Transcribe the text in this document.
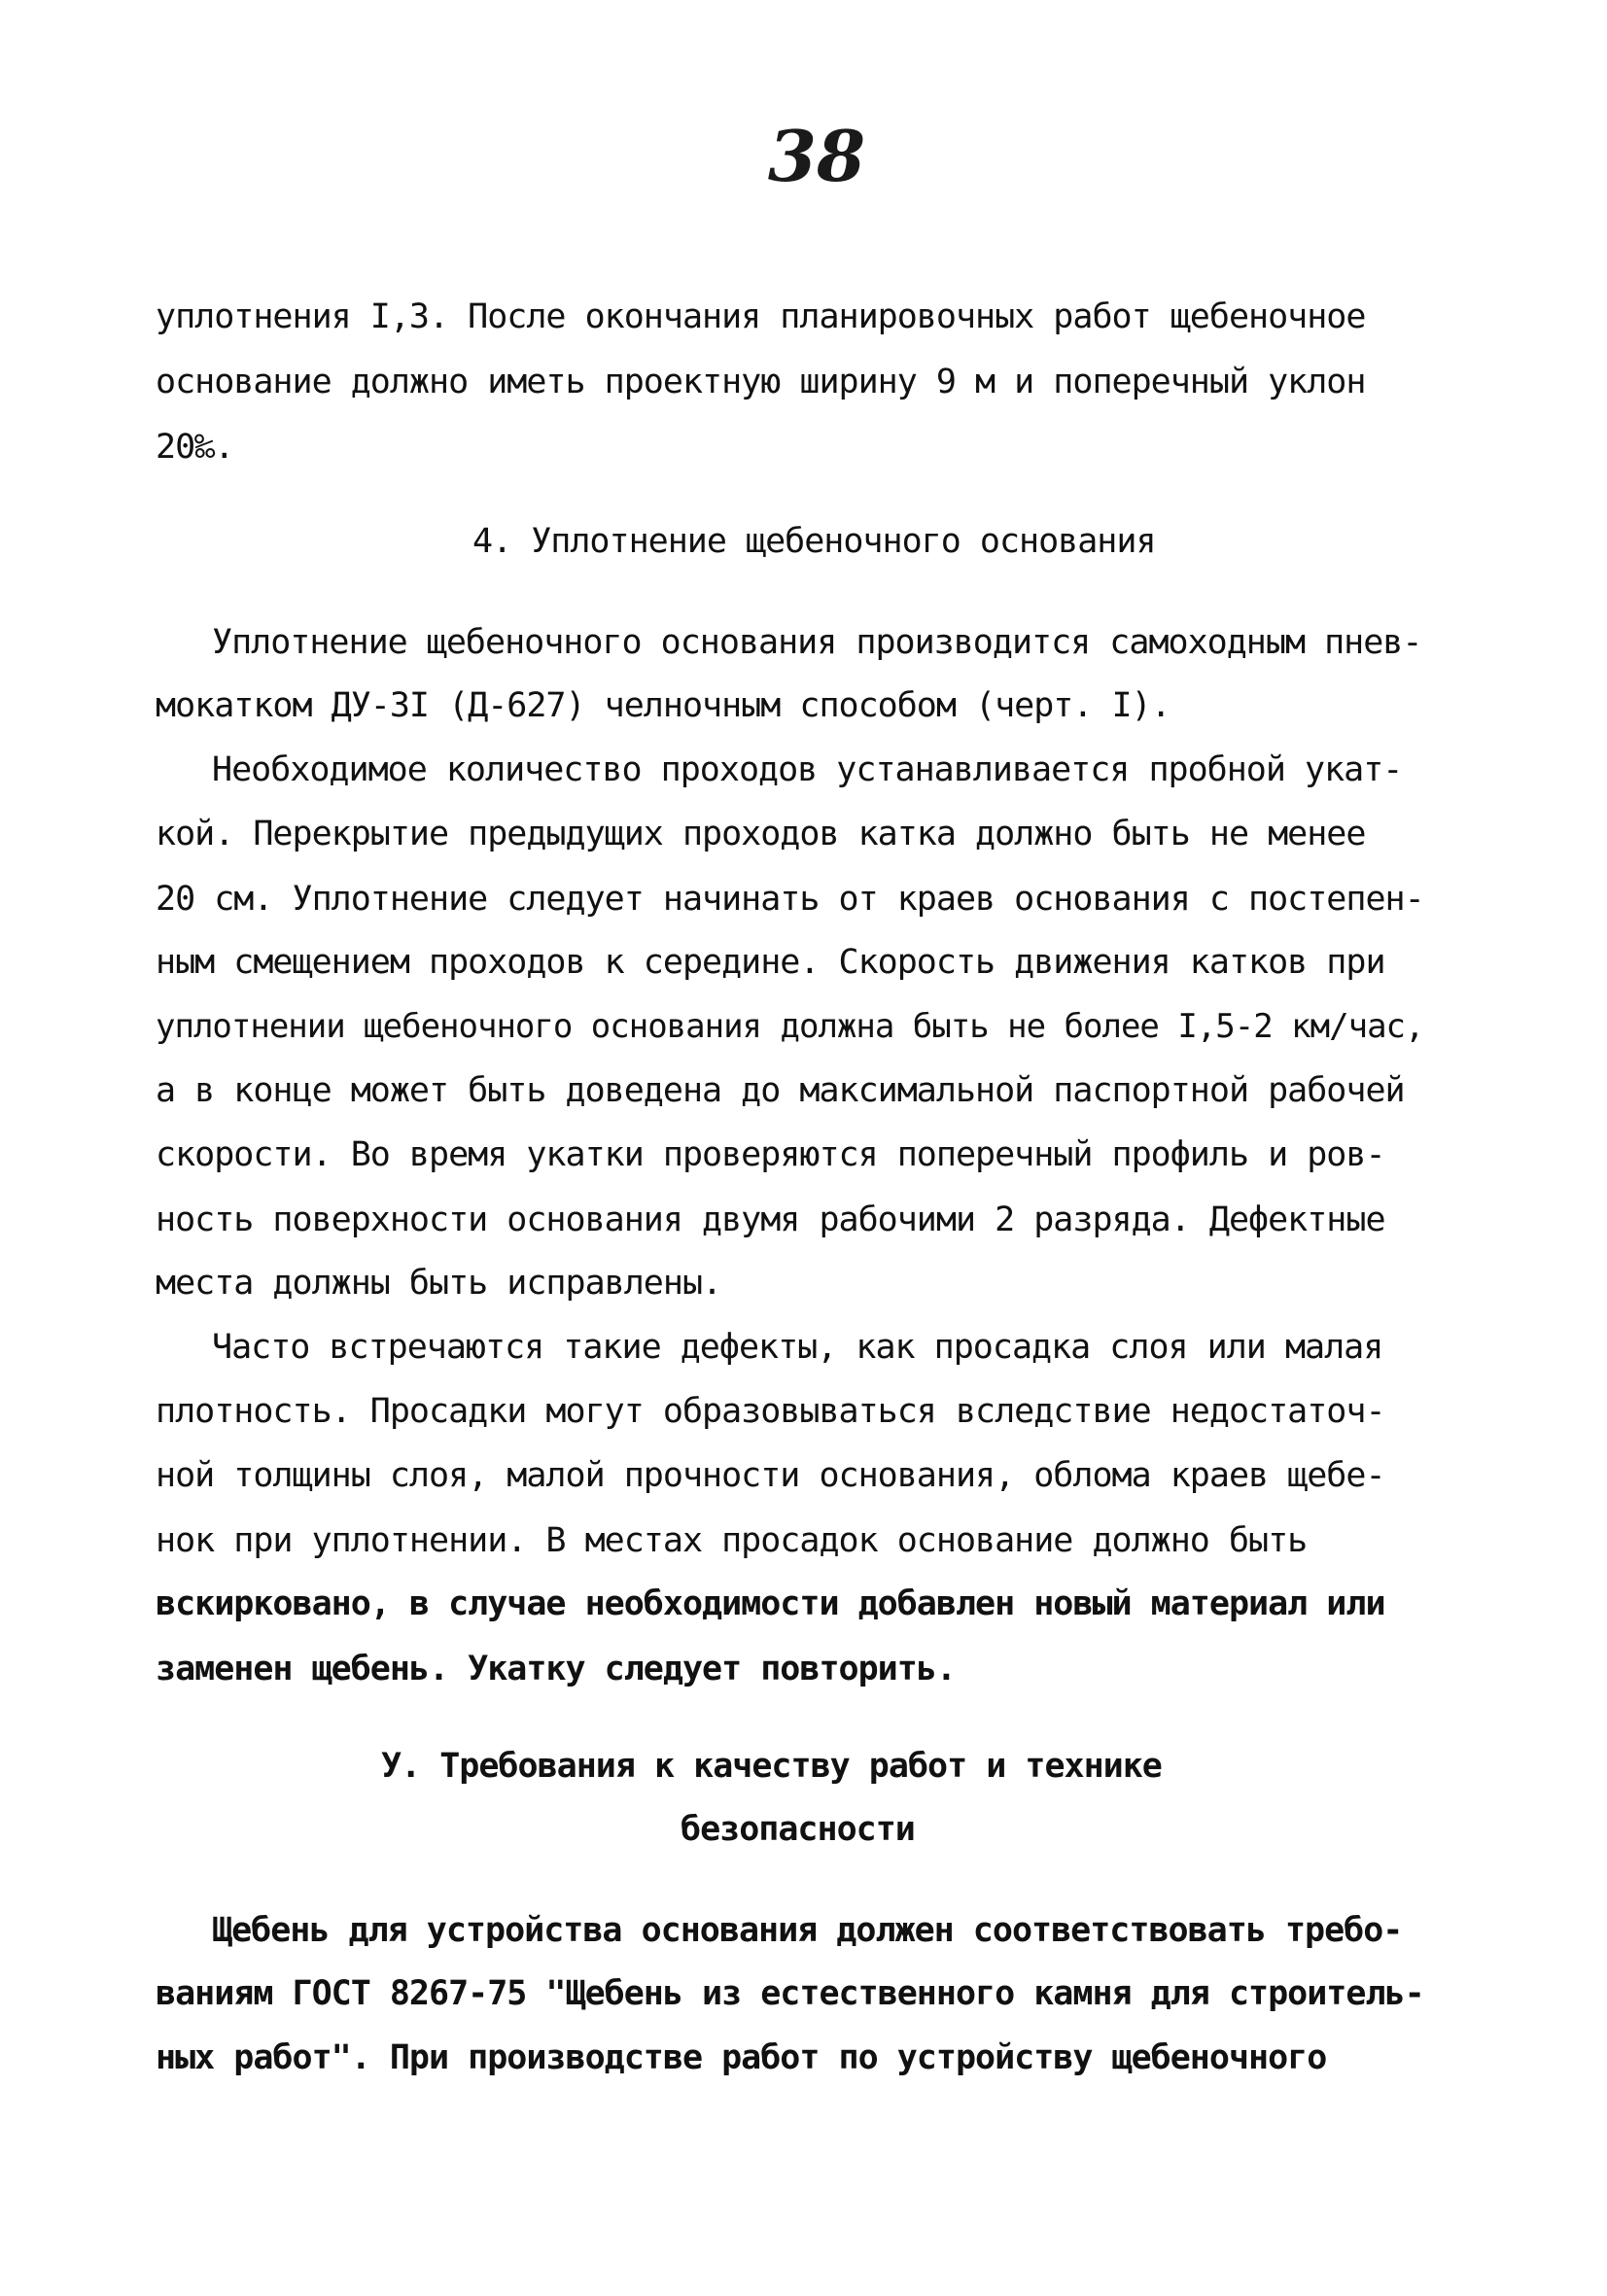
38
уплотнения I,3. После окончания планировочных работ щебеночное
основание должно иметь проектную ширину 9 м и поперечный уклон
20‰.
4. Уплотнение щебеночного основания
Уплотнение щебеночного основания производится самоходным пнев-
мокатком ДУ-3I (Д-627) челночным способом (черт. I).
Необходимое количество проходов устанавливается пробной укат-
кой. Перекрытие предыдущих проходов катка должно быть не менее
20 см. Уплотнение следует начинать от краев основания с постепен-
ным смещением проходов к середине. Скорость движения катков при
уплотнении щебеночного основания должна быть не более I,5-2 км/час,
а в конце может быть доведена до максимальной паспортной рабочей
скорости. Во время укатки проверяются поперечный профиль и ров-
ность поверхности основания двумя рабочими 2 разряда. Дефектные
места должны быть исправлены.
Часто встречаются такие дефекты, как просадка слоя или малая
плотность. Просадки могут образовываться вследствие недостаточ-
ной толщины слоя, малой прочности основания, облома краев щебе-
нок при уплотнении. В местах просадок основание должно быть
вскирковано, в случае необходимости добавлен новый материал или
заменен щебень. Укатку следует повторить.
У. Требования к качеству работ и технике
безопасности
Щебень для устройства основания должен соответствовать требо-
ваниям ГОСТ 8267-75 "Щебень из естественного камня для строитель-
ных работ". При производстве работ по устройству щебеночного
